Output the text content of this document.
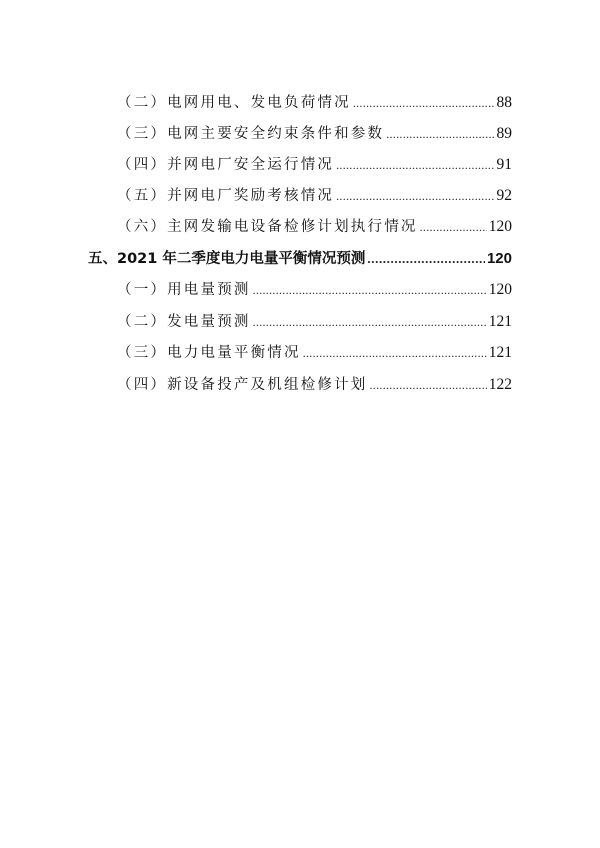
（二）电网用电、发电负荷情况 .....	88
（三）电网主要安全约束条件和参数 .....	89
（四）并网电厂安全运行情况 .....	91
（五）并网电厂奖励考核情况 .....	92
（六）主网发输电设备检修计划执行情况 .....	120
五、2021 年二季度电力电量平衡情况预测 .....	120
（一）用电量预测 .....	120
（二）发电量预测 .....	121
（三）电力电量平衡情况 .....	121
（四）新设备投产及机组检修计划 .....	122
